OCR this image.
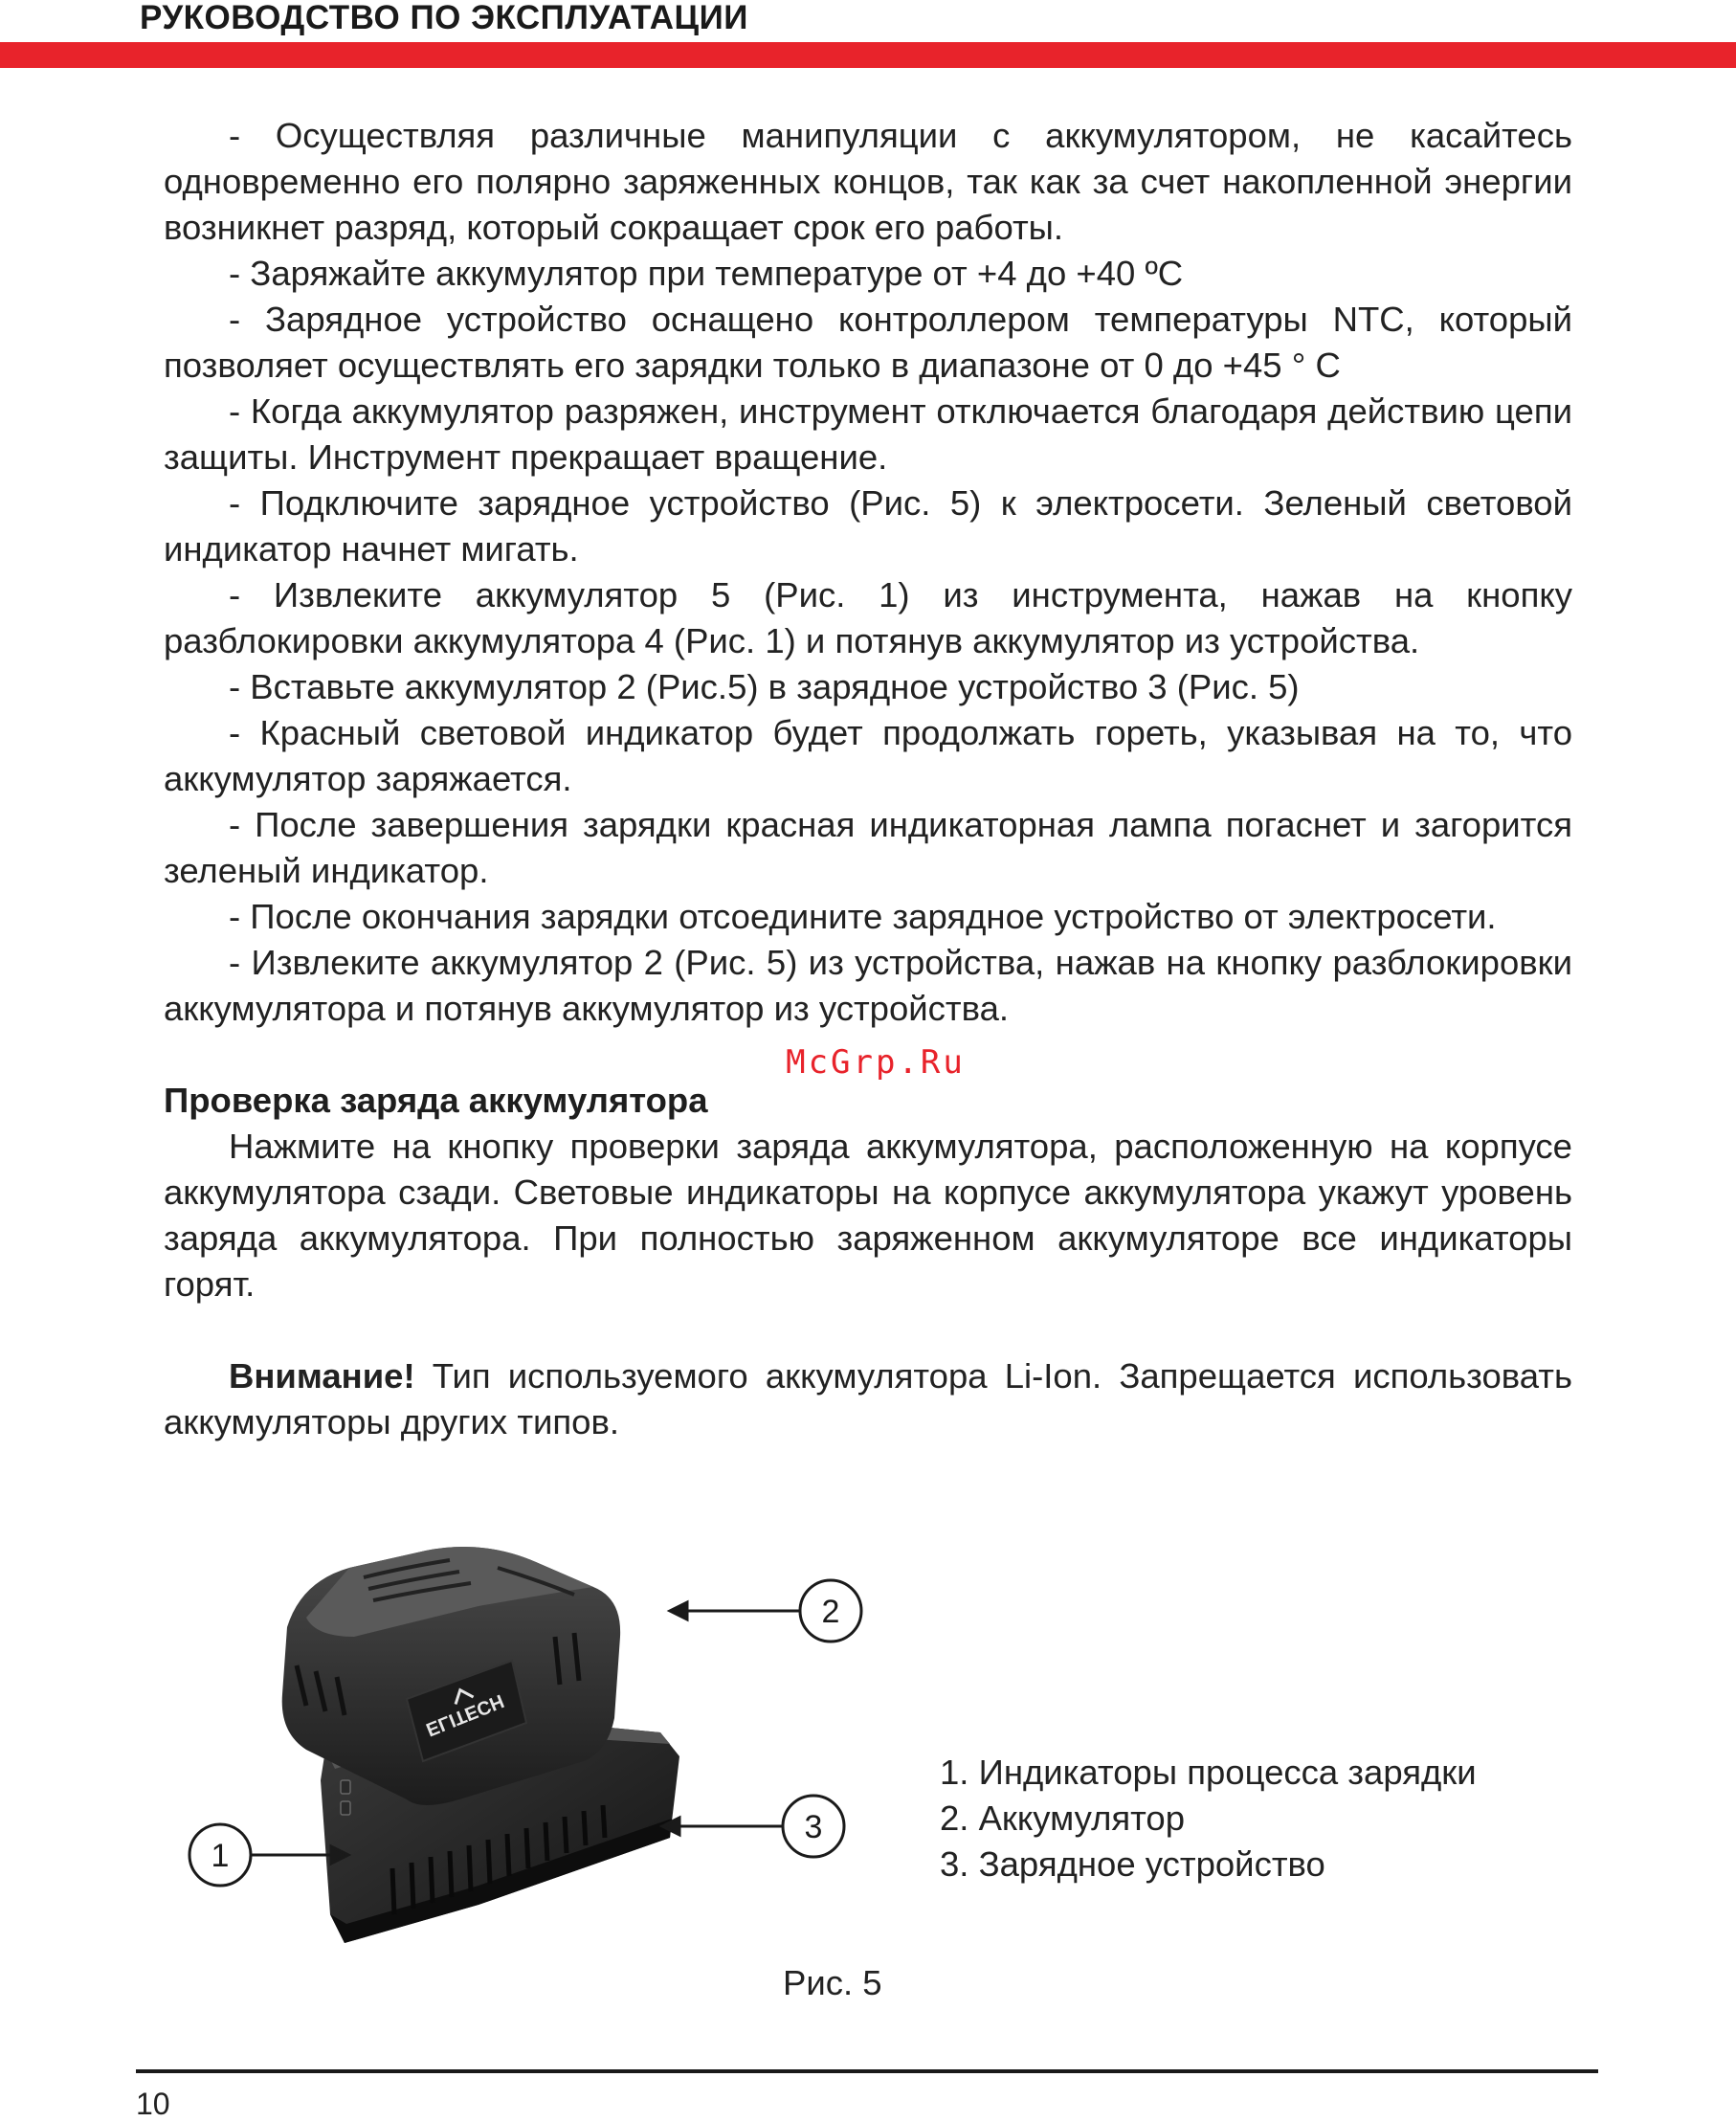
РУКОВОДСТВО ПО ЭКСПЛУАТАЦИИ

- Осуществляя различные манипуляции с аккумулятором, не касайтесь одновременно его полярно заряженных концов, так как за счет накопленной энергии возникнет разряд, который сокращает срок его работы.

- Заряжайте аккумулятор при температуре от +4 до +40 ºС

- Зарядное устройство оснащено контроллером температуры NTC, который позволяет осуществлять его зарядки только в диапазоне от 0 до +45 ° С

- Когда аккумулятор разряжен, инструмент отключается благодаря действию цепи защиты. Инструмент прекращает вращение.

- Подключите зарядное устройство (Рис. 5) к электросети. Зеленый световой индикатор начнет мигать.

- Извлеките аккумулятор 5 (Рис. 1) из инструмента, нажав на кнопку разблокировки аккумулятора 4 (Рис. 1) и потянув аккумулятор из устройства.

- Вставьте аккумулятор 2 (Рис.5) в зарядное устройство 3 (Рис. 5)

- Красный световой индикатор будет продолжать гореть, указывая на то, что аккумулятор заряжается.

- После завершения зарядки красная индикаторная лампа погаснет и загорится зеленый индикатор.

- После окончания зарядки отсоедините зарядное устройство от электросети.

- Извлеките аккумулятор 2 (Рис. 5) из устройства, нажав на кнопку разблокировки аккумулятора и потянув аккумулятор из устройства.

McGrp.Ru
Проверка заряда аккумулятора

Нажмите на кнопку проверки заряда аккумулятора, расположенную на корпусе аккумулятора сзади. Световые индикаторы на корпусе аккумулятора укажут уровень заряда аккумулятора. При полностью заряженном аккумуляторе все индикаторы горят.

Внимание! Тип используемого аккумулятора Li-Ion. Запрещается использовать аккумуляторы других типов.

ELITECH
2
3
1
1. Индикаторы процесса зарядки
2. Аккумулятор
3. Зарядное устройство
Рис. 5
10
